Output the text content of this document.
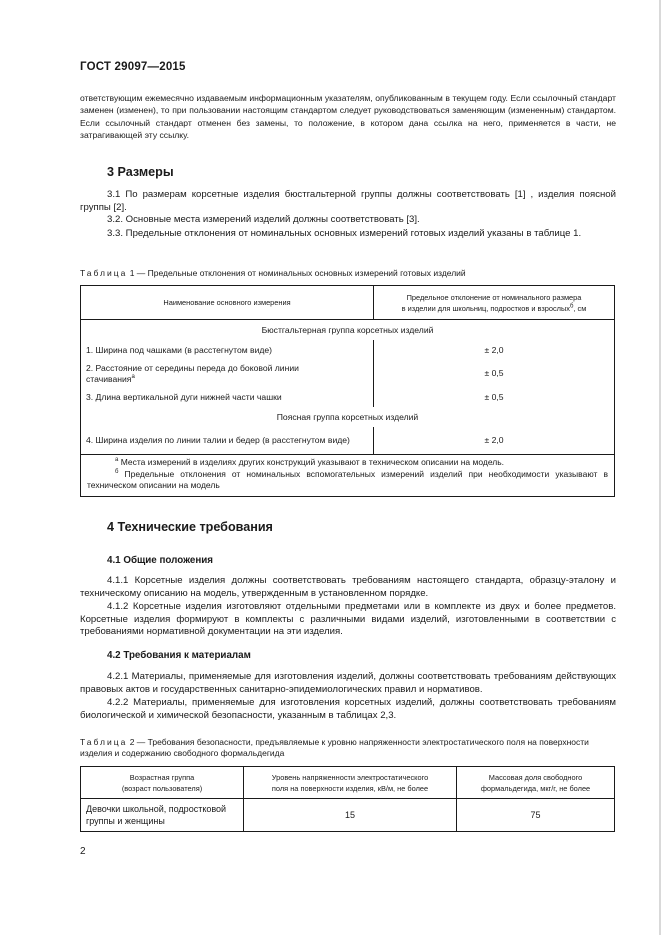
ГОСТ 29097—2015
ответствующим ежемесячно издаваемым информационным указателям, опубликованным в текущем году. Если ссылочный стандарт заменен (изменен), то при пользовании настоящим стандартом следует руководствоваться заменяющим (измененным) стандартом. Если ссылочный стандарт отменен без замены, то положение, в котором дана ссылка на него, применяется в части, не затрагивающей эту ссылку.
3 Размеры
3.1 По размерам корсетные изделия бюстгальтерной группы должны соответствовать [1] , изделия поясной группы [2].
3.2. Основные места измерений изделий должны соответствовать [3].
3.3. Предельные отклонения от номинальных основных измерений готовых изделий указаны в таблице 1.
Таблица 1 — Предельные отклонения от номинальных основных измерений готовых изделий
Наименование основного измерения	Предельное отклонение от номинального размера
в изделии для школьниц, подростков и взрослых$^б$, см
Бюстгальтерная группа корсетных изделий	
1. Ширина под чашками (в расстегнутом виде)	± 2,0
2. Расстояние от середины переда до боковой линии
стачивания$^а$	± 0,5
3. Длина вертикальной дуги нижней части чашки	± 0,5
Поясная группа корсетных изделий	
4. Ширина изделия по линии талии и бедер (в расстегнутом виде)	± 2,0

$^а$ Места измерений в изделиях других конструкций указывают в техническом описании на модель.

$^б$ Предельные отклонения от номинальных вспомогательных измерений изделий при необходимости указывают в техническом описании на модель	

4 Технические требования
4.1 Общие положения
4.1.1 Корсетные изделия должны соответствовать требованиям настоящего стандарта, образцу-эталону и техническому описанию на модель, утвержденным в установленном порядке.
4.1.2 Корсетные изделия изготовляют отдельными предметами или в комплекте из двух и более предметов. Корсетные изделия формируют в комплекты с различными видами изделий, изготовленными в соответствии с требованиями нормативной документации на эти изделия.
4.2 Требования к материалам
4.2.1 Материалы, применяемые для изготовления изделий, должны соответствовать требованиям действующих правовых актов и государственных санитарно-эпидемиологических правил и нормативов.
4.2.2 Материалы, применяемые для изготовления корсетных изделий, должны соответствовать требованиям биологической и химической безопасности, указанным в таблицах 2,3.
Таблица 2 — Требования безопасности, предъявляемые к уровню напряженности электростатического поля на поверхности изделия и содержанию свободного формальдегида
Возрастная группа
(возраст пользователя)	Уровень напряженности электростатического
поля на поверхности изделия, кВ/м, не более	Массовая доля свободного
формальдегида, мкг/г, не более
Девочки школьной, подростковой группы и женщины	15	75
2
